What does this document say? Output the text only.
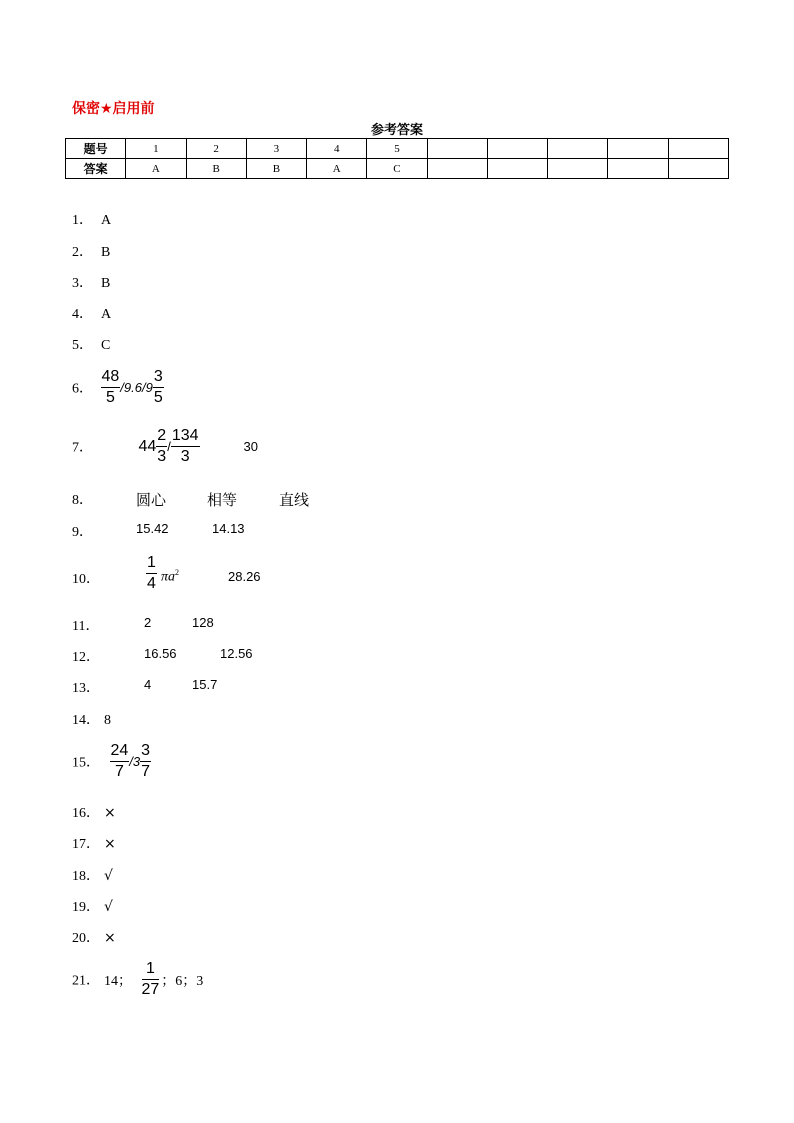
保密★启用前
参考答案
题号	1	2	3	4	5					
答案	A	B	B	A	C					
1． A
2． B
3． B
4． A
5． C
6． $\frac{48}{5} /9.6/9 \frac{3}{5}$
7．	$44 \frac{2}{3} / \frac{134}{3}$	30
8．	圆心	相等	直线
9．	15.42	14.13
10．	$\frac{1}{4} \pi a^2$	28.26
11．	2	128
12．	16.56	12.56
13．	4	15.7
14． 8
15． $\frac{24}{7} /3 \frac{3}{7}$
16． ×
17． ×
18． √
19． √
20． ×
21． 14； $\frac{1}{27}$ ；6；3
